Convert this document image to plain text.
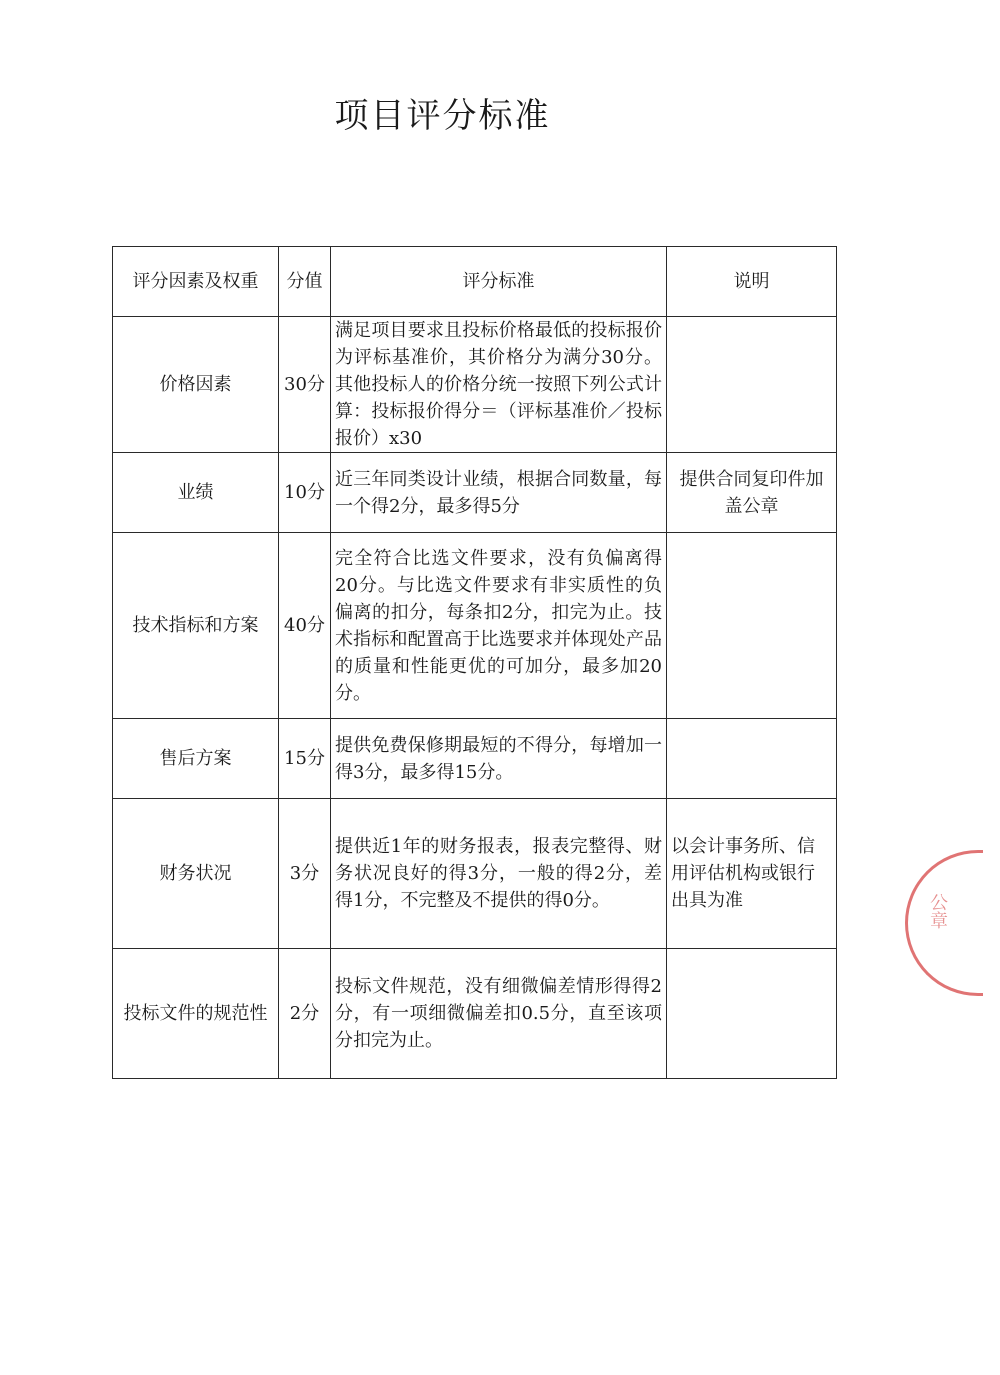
项目评分标准
评分因素及权重	分值	评分标准	说明
价格因素	30分	满足项目要求且投标价格最低的投标报价为评标基准价，其价格分为满分30分。其他投标人的价格分统一按照下列公式计算：投标报价得分＝（评标基准价／投标报价）x30	
业绩	10分	近三年同类设计业绩，根据合同数量，每一个得2分，最多得5分	提供合同复印件加盖公章
技术指标和方案	40分	完全符合比选文件要求，没有负偏离得20分。与比选文件要求有非实质性的负偏离的扣分，每条扣2分，扣完为止。技术指标和配置高于比选要求并体现处产品的质量和性能更优的可加分，最多加20分。	
售后方案	15分	提供免费保修期最短的不得分，每增加一得3分，最多得15分。	
财务状况	3分	提供近1年的财务报表，报表完整得、财务状况良好的得3分，一般的得2分，差得1分，不完整及不提供的得0分。	以会计事务所、信用评估机构或银行出具为准
投标文件的规范性	2分	投标文件规范，没有细微偏差情形得得2分，有一项细微偏差扣0.5分，直至该项分扣完为止。	
公章
